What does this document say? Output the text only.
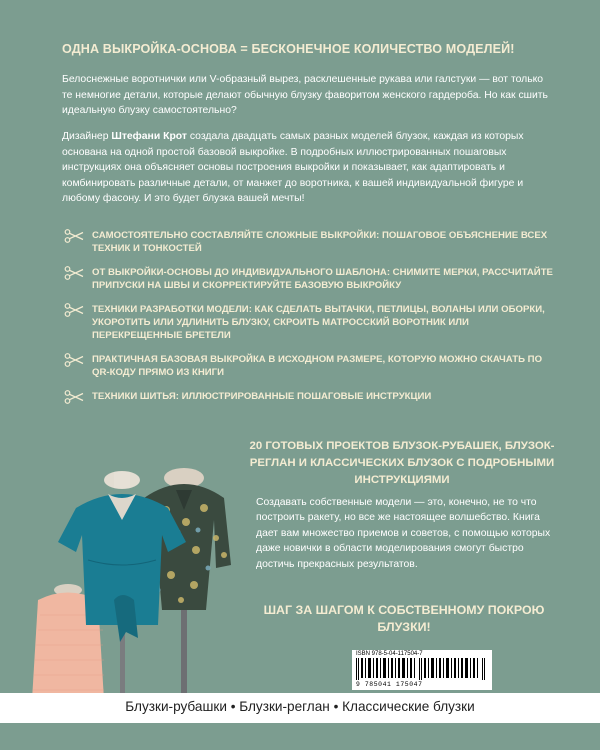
ОДНА ВЫКРОЙКА-ОСНОВА = БЕСКОНЕЧНОЕ КОЛИЧЕСТВО МОДЕЛЕЙ!
Белоснежные воротнички или V-образный вырез, расклешенные рукава или галстуки — вот только те немногие детали, которые делают обычную блузку фаворитом женского гардероба. Но как сшить идеальную блузку самостоятельно?
Дизайнер Штефани Крот создала двадцать самых разных моделей блузок, каждая из которых основана на одной простой базовой выкройке. В подробных иллюстрированных пошаговых инструкциях она объясняет основы построения выкройки и показывает, как адаптировать и комбинировать различные детали, от манжет до воротника, к вашей индивидуальной фигуре и любому фасону. И это будет блузка вашей мечты!
САМОСТОЯТЕЛЬНО СОСТАВЛЯЙТЕ СЛОЖНЫЕ ВЫКРОЙКИ: ПОШАГОВОЕ ОБЪЯСНЕНИЕ ВСЕХ ТЕХНИК И ТОНКОСТЕЙ
ОТ ВЫКРОЙКИ-ОСНОВЫ ДО ИНДИВИДУАЛЬНОГО ШАБЛОНА: СНИМИТЕ МЕРКИ, РАССЧИТАЙТЕ ПРИПУСКИ НА ШВЫ И СКОРРЕКТИРУЙТЕ БАЗОВУЮ ВЫКРОЙКУ
ТЕХНИКИ РАЗРАБОТКИ МОДЕЛИ: КАК СДЕЛАТЬ ВЫТАЧКИ, ПЕТЛИЦЫ, ВОЛАНЫ ИЛИ ОБОРКИ, УКОРОТИТЬ ИЛИ УДЛИНИТЬ БЛУЗКУ, СКРОИТЬ МАТРОССКИЙ ВОРОТНИК ИЛИ ПЕРЕКРЕЩЕННЫЕ БРЕТЕЛИ
ПРАКТИЧНАЯ БАЗОВАЯ ВЫКРОЙКА В ИСХОДНОМ РАЗМЕРЕ, КОТОРУЮ МОЖНО СКАЧАТЬ ПО QR-КОДУ ПРЯМО ИЗ КНИГИ
ТЕХНИКИ ШИТЬЯ: ИЛЛЮСТРИРОВАННЫЕ ПОШАГОВЫЕ ИНСТРУКЦИИ
20 ГОТОВЫХ ПРОЕКТОВ БЛУЗОК-РУБАШЕК, БЛУЗОК-РЕГЛАН И КЛАССИЧЕСКИХ БЛУЗОК С ПОДРОБНЫМИ ИНСТРУКЦИЯМИ
Создавать собственные модели — это, конечно, не то что построить ракету, но все же настоящее волшебство. Книга дает вам множество приемов и советов, с помощью которых даже новички в области моделирования смогут быстро достичь прекрасных результатов.
ШАГ ЗА ШАГОМ К СОБСТВЕННОМУ ПОКРОЮ БЛУЗКИ!
ISBN 978-5-04-117504-7
9 785041 175047
Блузки-рубашки • Блузки-реглан • Классические блузки
